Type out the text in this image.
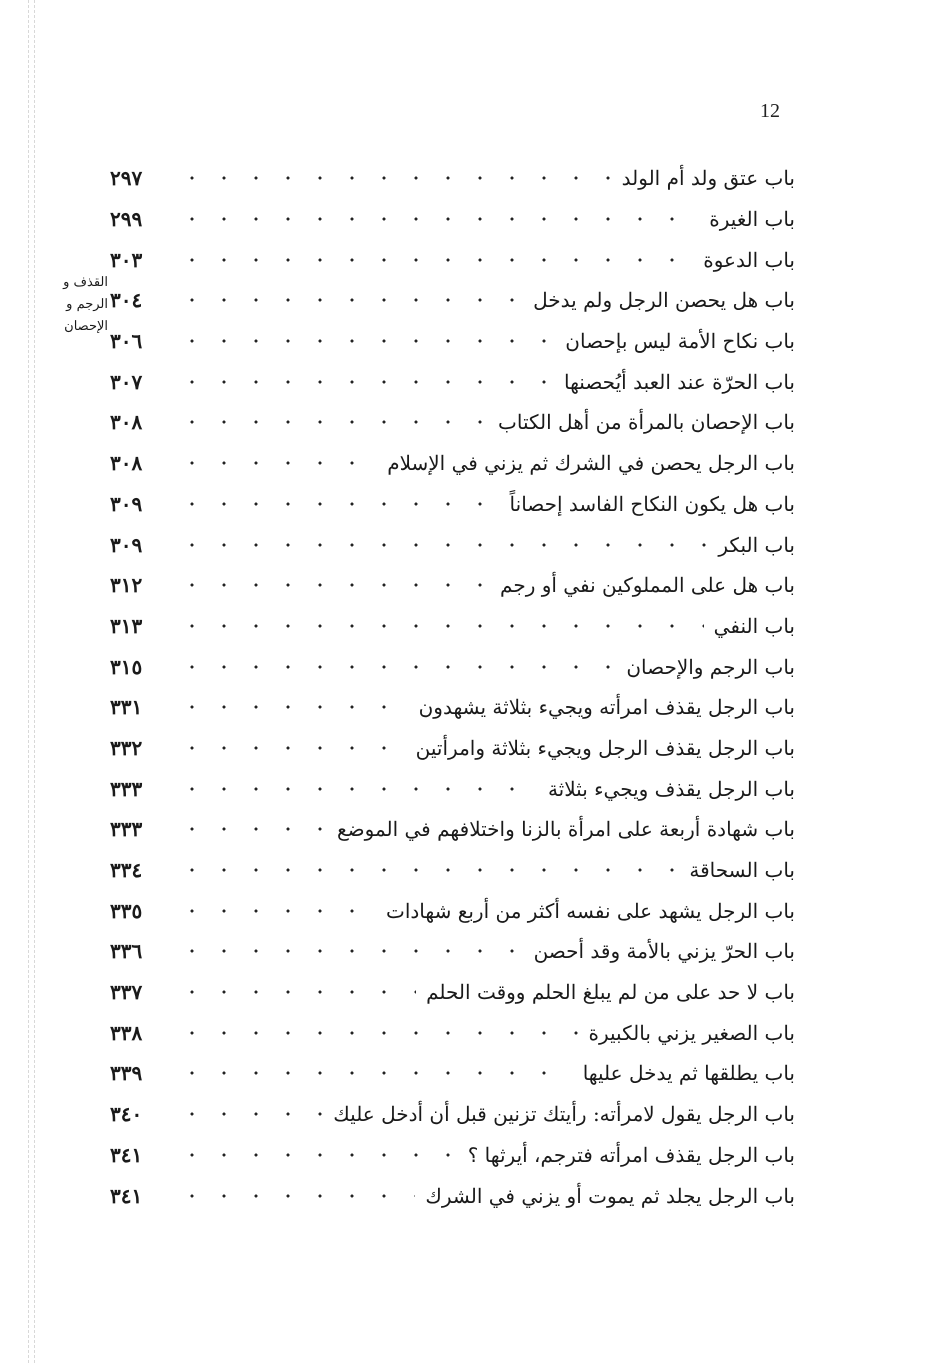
12
القذف و
الرجم و
الإحصان
باب عتق ولد أم الولد
٢٩٧
باب الغيرة
٢٩٩
باب الدعوة
٣٠٣
باب هل يحصن الرجل ولم يدخل
٣٠٤
باب نكاح الأمة ليس بإحصان
٣٠٦
باب الحرّة عند العبد أيُحصنها
٣٠٧
باب الإحصان بالمرأة من أهل الكتاب
٣٠٨
باب الرجل يحصن في الشرك ثم يزني في الإسلام
٣٠٨
باب هل يكون النكاح الفاسد إحصاناً
٣٠٩
باب البكر
٣٠٩
باب هل على المملوكين نفي أو رجم
٣١٢
باب النفي
٣١٣
باب الرجم والإحصان
٣١٥
باب الرجل يقذف امرأته ويجيء بثلاثة يشهدون
٣٣١
باب الرجل يقذف الرجل ويجيء بثلاثة وامرأتين
٣٣٢
باب الرجل يقذف ويجيء بثلاثة
٣٣٣
باب شهادة أربعة على امرأة بالزنا واختلافهم في الموضع
٣٣٣
باب السحاقة
٣٣٤
باب الرجل يشهد على نفسه أكثر من أربع شهادات
٣٣٥
باب الحرّ يزني بالأمة وقد أحصن
٣٣٦
باب لا حد على من لم يبلغ الحلم ووقت الحلم
٣٣٧
باب الصغير يزني بالكبيرة
٣٣٨
باب يطلقها ثم يدخل عليها
٣٣٩
باب الرجل يقول لامرأته: رأيتك تزنين قبل أن أدخل عليك
٣٤٠
باب الرجل يقذف امرأته فترجم، أيرثها ؟
٣٤١
باب الرجل يجلد ثم يموت أو يزني في الشرك
٣٤١
